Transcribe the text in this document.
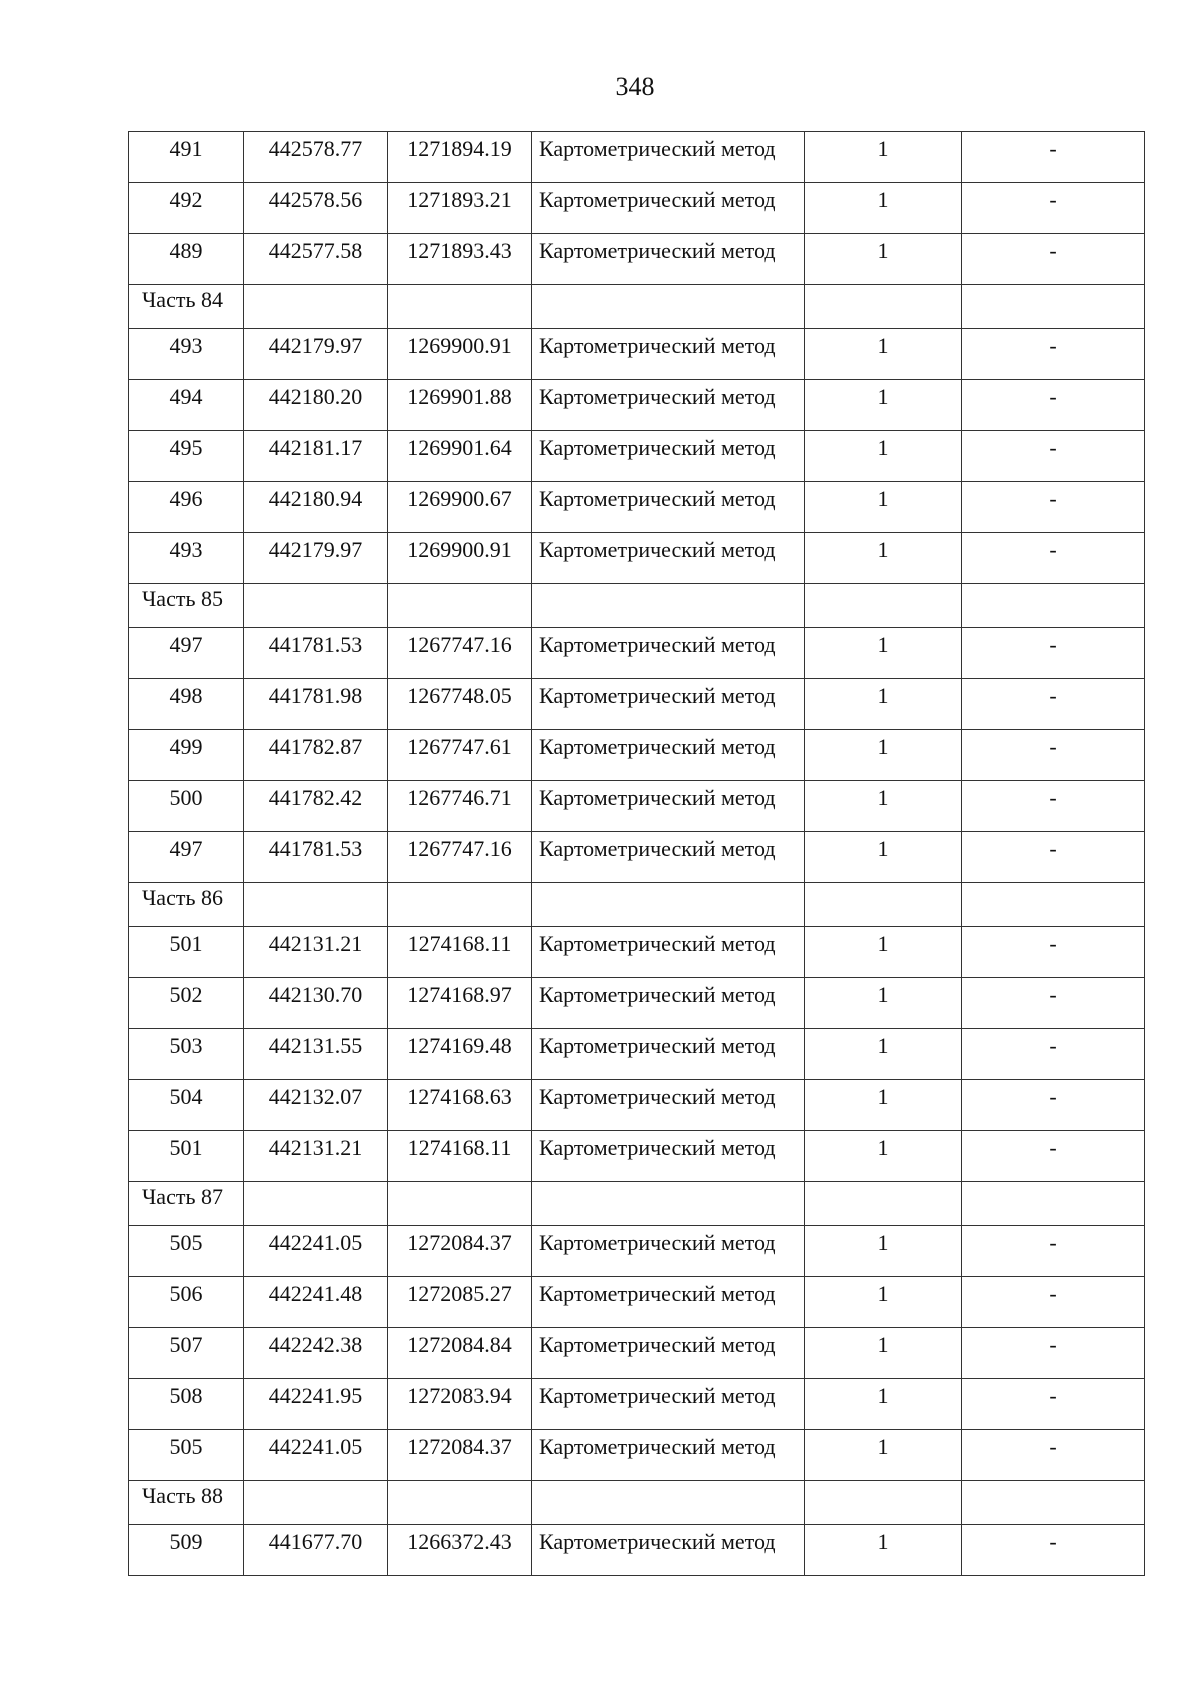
348
491	442578.77	1271894.19	Картометрический метод	1	-

492	442578.56	1271893.21	Картометрический метод	1	-

489	442577.58	1271893.43	Картометрический метод	1	-

Часть 84					

493	442179.97	1269900.91	Картометрический метод	1	-

494	442180.20	1269901.88	Картометрический метод	1	-

495	442181.17	1269901.64	Картометрический метод	1	-

496	442180.94	1269900.67	Картометрический метод	1	-

493	442179.97	1269900.91	Картометрический метод	1	-

Часть 85					

497	441781.53	1267747.16	Картометрический метод	1	-

498	441781.98	1267748.05	Картометрический метод	1	-

499	441782.87	1267747.61	Картометрический метод	1	-

500	441782.42	1267746.71	Картометрический метод	1	-

497	441781.53	1267747.16	Картометрический метод	1	-

Часть 86					

501	442131.21	1274168.11	Картометрический метод	1	-

502	442130.70	1274168.97	Картометрический метод	1	-

503	442131.55	1274169.48	Картометрический метод	1	-

504	442132.07	1274168.63	Картометрический метод	1	-

501	442131.21	1274168.11	Картометрический метод	1	-

Часть 87					

505	442241.05	1272084.37	Картометрический метод	1	-

506	442241.48	1272085.27	Картометрический метод	1	-

507	442242.38	1272084.84	Картометрический метод	1	-

508	442241.95	1272083.94	Картометрический метод	1	-

505	442241.05	1272084.37	Картометрический метод	1	-

Часть 88					

509	441677.70	1266372.43	Картометрический метод	1	-
